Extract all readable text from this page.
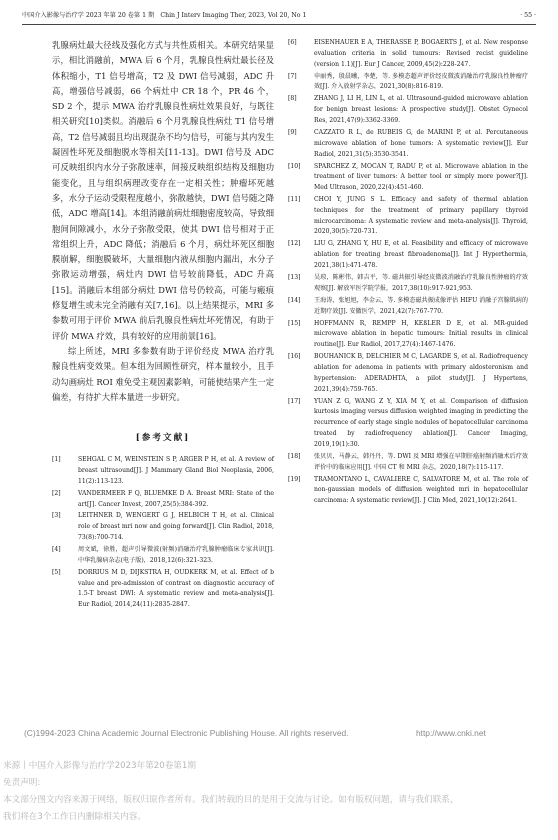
中国介入影像与治疗学 2023 年第 20 卷第 1 期　Chin J Interv Imaging Ther, 2023, Vol 20, No 1	· 55 ·

乳腺病灶最大径线及强化方式与共性质相关。本研究结果显示，相比消融前，MWA 后 6 个月，乳腺良性病灶最长径及体积缩小，T1 信号增高，T2 及 DWI 信号减弱，ADC 升高，增强信号减弱，66 个病灶中 CR 18 个，PR 46 个，SD 2 个，提示 MWA 治疗乳腺良性病灶效果良好，与既往相关研究[10]类似。消融后 6 个月乳腺良性病灶 T1 信号增高，T2 信号减弱且均出现混杂不均匀信号，可能与其内发生凝固性坏死及细胞脱水等相关[11-13]。DWI 信号及 ADC 可反映组织内水分子弥散速率，间接反映组织结构及细胞功能变化，且与组织病理改变存在一定相关性；肿瘤坏死越多，水分子运动受限程度越小，弥散越快，DWI 信号随之降低，ADC 增高[14]。本组消融前病灶细胞密度较高，导致细胞间间隙减小，水分子弥散受限，使其 DWI 信号相对于正常组织上升，ADC 降低；消融后 6 个月，病灶坏死区细胞膜崩解，细胞膜破坏，大量细胞内液从细胞内漏出，水分子弥散运动增强，病灶内 DWI 信号较前降低，ADC 升高[15]。消融后本组部分病灶 DWI 信号仍较高，可能与瘢痕修复增生或未完全消融有关[7,16]。以上结果提示，MRI 多参数可用于评价 MWA 前后乳腺良性病灶坏死情况，有助于评价 MWA 疗效，具有较好的应用前景[16]。

综上所述，MRI 多参数有助于评价经皮 MWA 治疗乳腺良性病变效果。但本组为回顾性研究，样本量较小，且手动勾画病灶 ROI 难免受主观因素影响，可能使结果产生一定偏差，有待扩大样本量进一步研究。

[参考文献]
[1]	SEHGAL C M, WEINSTEIN S P, ARGER P H, et al. A review of breast ultrasound[J]. J Mammary Gland Biol Neoplasia, 2006, 11(2):113-123.
[2]	VANDERMEER F Q, BLUEMKE D A. Breast MRI: State of the art[J]. Cancer Invest, 2007,25(5):384-392.
[3]	LEITHNER D, WENGERT G J, HELBICH T H, et al. Clinical role of breast mri now and going forward[J]. Clin Radiol, 2018, 73(8):700-714.
[4]	周文斌，徐胜，超声引导微波(射频)消融治疗乳腺肿瘤临床专家共识[J]. 中华乳腺病杂志(电子版)，2018,12(6):321-323.
[5]	DORRIUS M D, DIJKSTRA H, OUDKERK M, et al. Effect of b value and pre-admission of contrast on diagnostic accuracy of 1.5-T breast DWI: A systematic review and meta-analysis[J]. Eur Radiol, 2014,24(11):2835-2847.
[6]	EISENHAUER E A, THERASSE P, BOGAERTS J, et al. New response evaluation criteria in solid tumours: Revised recist guideline (version 1.1)[J]. Eur J Cancer, 2009,45(2):228-247.
[7]	申丽秀，殷晨曦，李楚，等. 多模态超声评价经皮微波消融治疗乳腺良性肿瘤疗效[J]. 介入放射学杂志，2021,30(8):816-819.
[8]	ZHANG J, LI H, LIN L, et al. Ultrasound-guided microwave ablation for benign breast lesions: A prospective study[J]. Obstet Gynecol Res, 2021,47(9):3362-3369.
[9]	CAZZATO R L, de RUBEIS G, de MARINI P, et al. Percutaneous microwave ablation of bone tumors: A systematic review[J]. Eur Radiol, 2021,31(5):3530-3541.
[10] SPARCHEZ Z, MOCAN T, RADU P, et al. Microwave ablation in the treatment of liver tumors: A better tool or simply more power?[J]. Med Ultrason, 2020,22(4):451-460.
[11] CHOI Y, JUNG S L. Efficacy and safety of thermal ablation techniques for the treatment of primary papillary thyroid microcarcinoma: A systematic review and meta-analysis[J]. Thyroid, 2020,30(5):720-731.
[12] LIU G, ZHANG Y, HU E, et al. Feasibility and efficacy of microwave ablation for treating breast fibroadenoma[J]. Int J Hyperthermia, 2021,38(1):471-478.
[13] 吴琼，陈彬伟，韩吉平，等. 磁共振引导经皮微波消融治疗乳腺良性肿瘤的疗效观察[J]. 解放军医学院学报，2017,38(10):917-921,953.
[14] 王海涛，张旭旭，李金云，等. 多模态磁共振成像评估 HIFU 消融子宫腺肌病的近期疗效[J]. 安徽医学，2021,42(7):767-770.
[15] HOFFMANN R, REMPP H, KEßLER D E, et al. MR-guided microwave ablation in hepatic tumours: Initial results in clinical routine[J]. Eur Radiol, 2017,27(4):1467-1476.
[16] BOUHANICK B, DELCHIER M C, LAGARDE S, et al. Radiofrequency ablation for adenoma in patients with primary aldosteronism and hypertension: ADERADHTA, a pilot study[J]. J Hypertens, 2021,39(4):759-765.
[17] YUAN Z G, WANG Z Y, XIA M Y, et al. Comparison of diffusion kurtosis imaging versus diffusion weighted imaging in predicting the recurrence of early stage single nodules of hepatocellular carcinoma treated by radiofrequency ablation[J]. Cancer Imaging, 2019,19(1):30.
[18] 张贝贝，马静云，韩丹丹，等. DWI 及 MRI 增强在早期肝癌射频消融术后疗效评价中的临床应用[J]. 中国 CT 和 MRI 杂志，2020,18(7):115-117.
[19] TRAMONTANO L, CAVALIERE C, SALVATORE M, et al. The role of non-gaussian models of diffusion weighted mri in hepatocellular carcinoma: A systematic review[J]. J Clin Med, 2021,10(12):2641.
(C)1994-2023 China Academic Journal Electronic Publishing House. All rights reserved.	http://www.cnki.net
来源丨中国介入影像与治疗学2023年第20卷第1期
免责声明:
本文部分图文内容来源于网络，版权归原作者所有。我们转载的目的是用于交流与讨论。如有版权问题，请与我们联系，
我们将在3个工作日内删除相关内容。
